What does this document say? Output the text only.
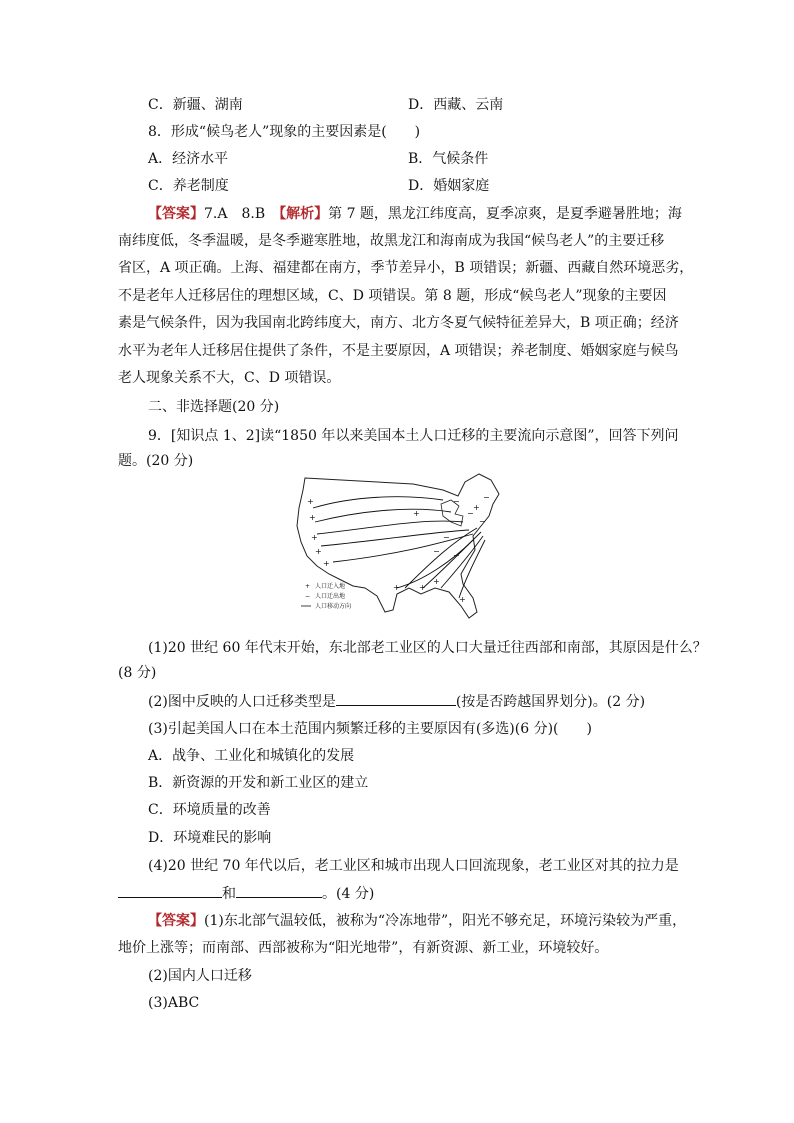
C．新疆、湖南	D．西藏、云南
8．形成“候鸟老人”现象的主要因素是(　　)
A．经济水平	B．气候条件
C．养老制度	D．婚姻家庭
【答案】7.A　8.B　【解析】第 7 题，黑龙江纬度高，夏季凉爽，是夏季避暑胜地；海
南纬度低，冬季温暖，是冬季避寒胜地，故黑龙江和海南成为我国“候鸟老人”的主要迁移
省区，A 项正确。上海、福建都在南方，季节差异小，B 项错误；新疆、西藏自然环境恶劣，
不是老年人迁移居住的理想区域，C、D 项错误。第 8 题，形成“候鸟老人”现象的主要因
素是气候条件，因为我国南北跨纬度大，南方、北方冬夏气候特征差异大，B 项正确；经济
水平为老年人迁移居住提供了条件，不是主要原因，A 项错误；养老制度、婚姻家庭与候鸟
老人现象关系不大，C、D 项错误。
二、非选择题(20 分)
9．[知识点 1、2]读“1850 年以来美国本土人口迁移的主要流向示意图”，回答下列问
题。(20 分)
+
+
+
+
+
+
+
+
+
−
−
−
−
− −
+
−
+
+ 人口迁入地
− 人口迁出地
人口移动方向
(1)20 世纪 60 年代末开始，东北部老工业区的人口大量迁往西部和南部，其原因是什么？
(8 分)
(2)图中反映的人口迁移类型是	(按是否跨越国界划分)。(2 分)
(3)引起美国人口在本土范围内频繁迁移的主要原因有(多选)(6 分)(　　)
A．战争、工业化和城镇化的发展
B．新资源的开发和新工业区的建立
C．环境质量的改善
D．环境难民的影响
(4)20 世纪 70 年代以后，老工业区和城市出现人口回流现象，老工业区对其的拉力是
和	。(4 分)
【答案】(1)东北部气温较低，被称为“冷冻地带”，阳光不够充足，环境污染较为严重，
地价上涨等；而南部、西部被称为“阳光地带”，有新资源、新工业，环境较好。
(2)国内人口迁移
(3)ABC
